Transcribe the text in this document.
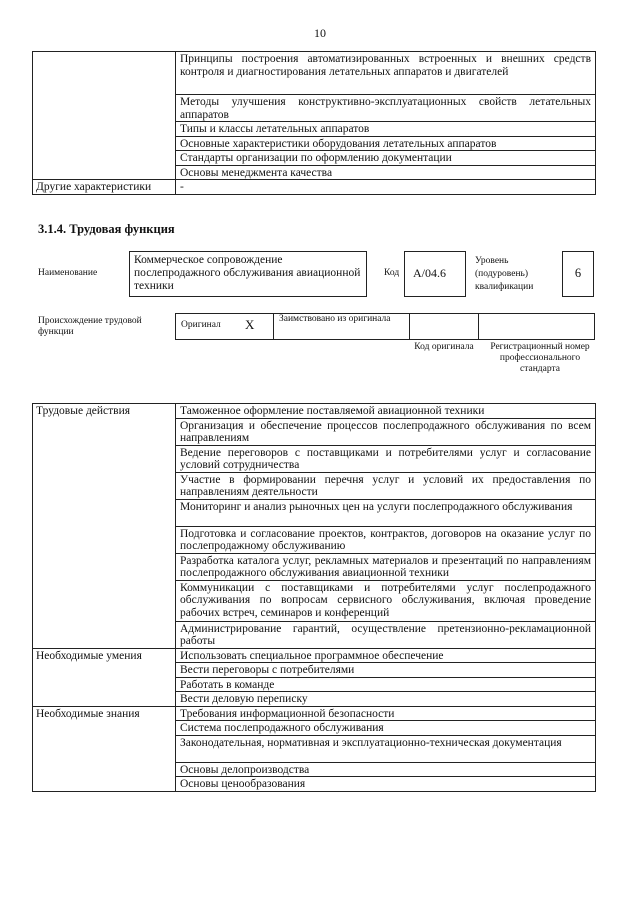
10
	Принципы построения автоматизированных встроенных и внешних средств контроля и диагностирования летательных аппаратов и двигателей
	Методы улучшения конструктивно-эксплуатационных свойств летательных аппаратов
	Типы и классы летательных аппаратов
	Основные характеристики оборудования летательных аппаратов
	Стандарты организации по оформлению документации
	Основы менеджмента качества
Другие характеристики	-
3.1.4. Трудовая функция
Наименование
Коммерческое сопровождение послепродажного обслуживания авиационной техники
Код	A/04.6
Уровень (подуровень) квалификации
6
Происхождение трудовой функции
Оригинал X	Заимствовано из оригинала
Код оригинала	Регистрационный номер профессионального стандарта
Трудовые действия	Таможенное оформление поставляемой авиационной техники
	Организация и обеспечение процессов послепродажного обслуживания по всем направлениям
	Ведение переговоров с поставщиками и потребителями услуг и согласование условий сотрудничества
	Участие в формировании перечня услуг и условий их предоставления по направлениям деятельности
	Мониторинг и анализ рыночных цен на услуги послепродажного обслуживания
	Подготовка и согласование проектов, контрактов, договоров на оказание услуг по послепродажному обслуживанию
	Разработка каталога услуг, рекламных материалов и презентаций по направлениям послепродажного обслуживания авиационной техники
	Коммуникации с поставщиками и потребителями услуг послепродажного обслуживания по вопросам сервисного обслуживания, включая проведение рабочих встреч, семинаров и конференций
	Администрирование гарантий, осуществление претензионно-рекламационной работы
Необходимые умения	Использовать специальное программное обеспечение
	Вести переговоры с потребителями
	Работать в команде
	Вести деловую переписку
Необходимые знания	Требования информационной безопасности
	Система послепродажного обслуживания
	Законодательная, нормативная и эксплуатационно-техническая документация
	Основы делопроизводства
	Основы ценообразования
